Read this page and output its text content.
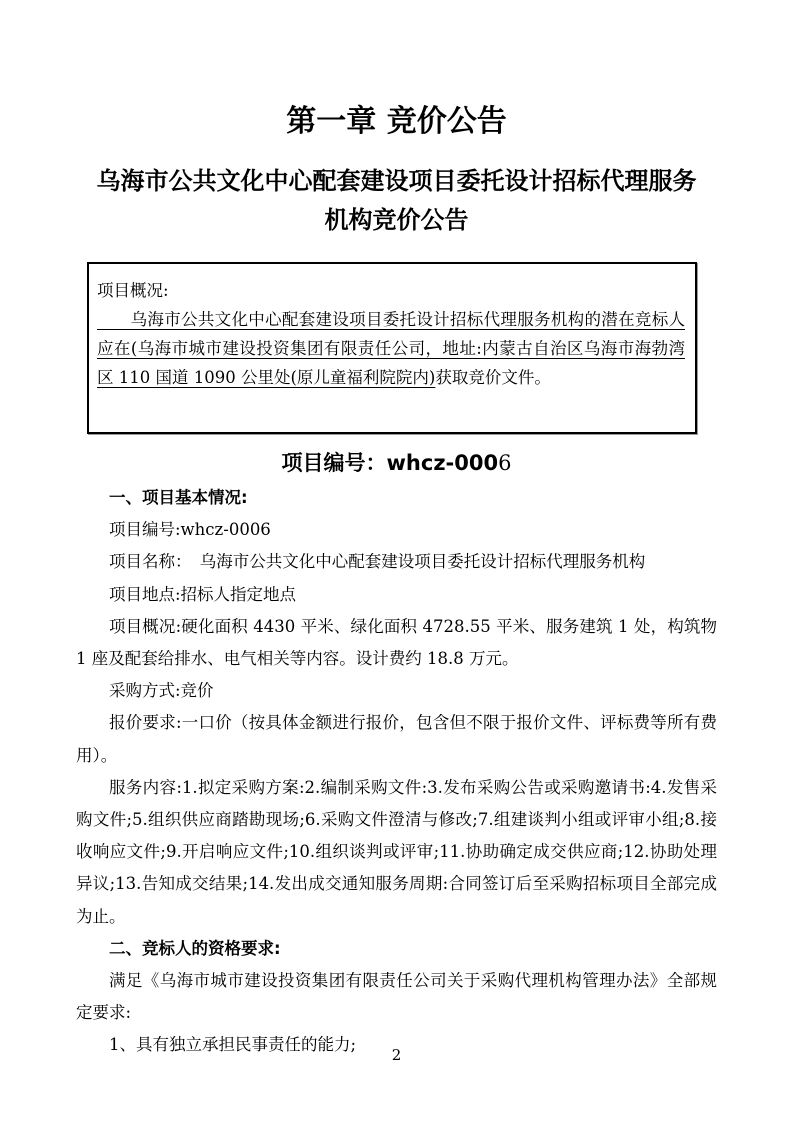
第一章 竞价公告
乌海市公共文化中心配套建设项目委托设计招标代理服务机构竞价公告

项目概况:

　　乌海市公共文化中心配套建设项目委托设计招标代理服务机构的潜在竞标人应在(乌海市城市建设投资集团有限责任公司，地址:内蒙古自治区乌海市海勃湾区 110 国道 1090 公里处(原儿童福利院院内)获取竞价文件。

项目编号：whcz-0006

一、项目基本情况:

项目编号:whcz-0006

项目名称：　乌海市公共文化中心配套建设项目委托设计招标代理服务机构

项目地点:招标人指定地点

项目概况:硬化面积 4430 平米、绿化面积 4728.55 平米、服务建筑 1 处，构筑物 1 座及配套给排水、电气相关等内容。设计费约 18.8 万元。

采购方式:竞价

报价要求:一口价（按具体金额进行报价，包含但不限于报价文件、评标费等所有费用）。

服务内容:1.拟定采购方案:2.编制采购文件:3.发布采购公告或采购邀请书:4.发售采购文件;5.组织供应商踏勘现场;6.采购文件澄清与修改;7.组建谈判小组或评审小组;8.接收响应文件;9.开启响应文件;10.组织谈判或评审;11.协助确定成交供应商;12.协助处理异议;13.告知成交结果;14.发出成交通知服务周期:合同签订后至采购招标项目全部完成为止。

二、竞标人的资格要求:

满足《乌海市城市建设投资集团有限责任公司关于采购代理机构管理办法》全部规定要求:

1、具有独立承担民事责任的能力;

2
